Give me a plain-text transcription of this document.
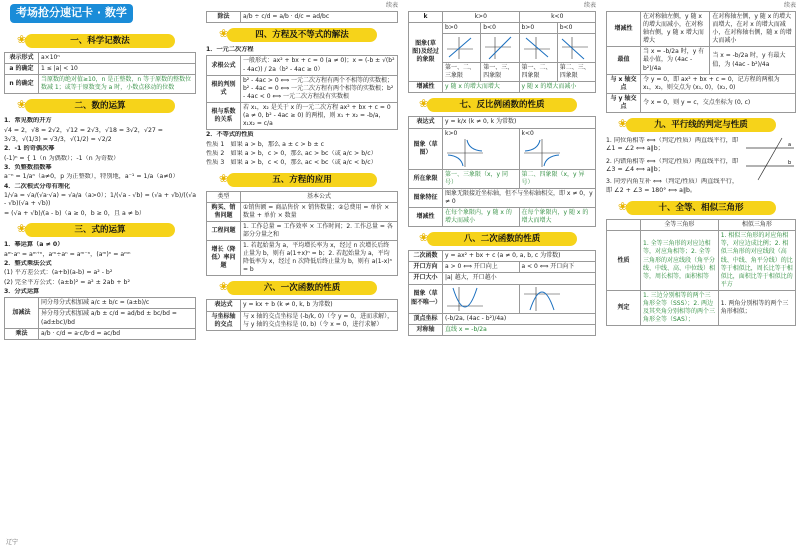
考场抢分速记卡 · 数学
❀ 一、科学记数法
表示形式	a×10ⁿ
a 的确定	1 ≤ |a| < 10
n 的确定	当原数的绝对值≥10，n 是正整数，n 等于原数的整数位数减 1；或等于原数变为 a 时，小数点移动的位数
❀ 二、数的运算
1．常见数的开方
√4 = 2，√8 = 2√2，√12 = 2√3，√18 = 3√2，√27 =
3√3，√(1/3) = √3/3，√(1/2) = √2/2
2．-1 的奇偶次幂
(-1)ⁿ = { 1（n 为偶数）；-1（n 为奇数）
3．负整数指数幂
a⁻ⁿ = 1/aⁿ（a≠0，p 为正整数），特别地，a⁻¹ = 1/a（a≠0）
4．二次根式分母有理化
1/√a = √a/(√a·√a) = √a/a（a>0）；1/(√a - √b) = (√a + √b)/((√a - √b)(√a + √b))
= (√a + √b)/(a - b)（a ≥ 0，b ≥ 0，且 a ≠ b）
❀ 三、式的运算
1．幂运算（a ≠ 0）
aᵐ·aⁿ = aᵐ⁺ⁿ，aᵐ÷aⁿ = aᵐ⁻ⁿ，(aᵐ)ⁿ = aᵐⁿ
2．整式乘法公式
(1) 平方差公式：(a+b)(a-b) = a² - b²
(2) 完全平方公式：(a±b)² = a² ± 2ab + b²
3．分式运算
加减法	同分母分式相加减 a/c ± b/c = (a±b)/c
	异分母分式相加减 a/b ± c/d = ad/bd ± bc/bd = (ad±bc)/bd
乘法	a/b · c/d = a·c/b·d = ac/bd
辽宁
续表
除法	a/b ÷ c/d = a/b · d/c = ad/bc
❀ 四、方程及不等式的解法
1．一元二次方程
求根公式	一般形式：ax² + bx + c = 0 (a ≠ 0)；x = (-b ± √(b² - 4ac)) / 2a（b² - 4ac ≥ 0）
根的判别式	b² - 4ac > 0 ⟺ 一元二次方程有两个不相等的实数根；b² - 4ac = 0 ⟺ 一元二次方程有两个相等的实数根；b² - 4ac < 0 ⟺ 一元二次方程没有实数根
根与系数的关系	若 x₁，x₂ 是关于 x 的一元二次方程 ax² + bx + c = 0 (a ≠ 0, b² - 4ac ≥ 0) 的两根，则 x₁ + x₂ = -b/a，x₁x₂ = c/a
2．不等式的性质
性质 1　如果 a > b，那么 a ± c > b ± c
性质 2　如果 a > b，c > 0，那么 ac > bc（或 a/c > b/c）
性质 3　如果 a > b，c < 0，那么 ac < bc（或 a/c < b/c）
❀ 五、方程的应用
类型	基本公式
购买、销售问题	①销售额 = 商品售价 × 销售数量；②总费用 = 单价 × 数量 + 单价 × 数量
工程问题	1. 工作总量 = 工作效率 × 工作时间；2. 工作总量 = 各部分分量之和
增长（降低）率问题	1. 若起始量为 a，平均增长率为 x，经过 n 次增长后终止量为 b，则有 a(1+x)ⁿ = b；2. 若起始量为 a，平均降低率为 x，经过 n 次降低后终止量为 b，则有 a(1-x)ⁿ = b
❀ 六、一次函数的性质
表达式	y = kx + b (k ≠ 0, k, b 为常数)
与坐标轴的交点	与 x 轴的交点坐标是 (-b/k, 0)（令 y = 0，进而求解），与 y 轴的交点坐标是 (0, b)（令 x = 0，进行求解）
续表
k	k>0		k<0	
图象(草图)及经过的象限	b>0	b<0	b>0	b<0

	第一、二、三象限	第一、三、四象限	第一、二、四象限	第二、三、四象限
增减性	y 随 x 的增大而增大		y 随 x 的增大而减小	
❀ 七、反比例函数的性质
表达式	y = k/x (k ≠ 0, k 为常数)	
图象（草图）	k>0	k<0

所在象限	第一、三象限（x，y 同号）	第二、四象限（x，y 异号）
图象特征	图象无限接近坐标轴，但不与坐标轴相交，即 x ≠ 0，y ≠ 0	
增减性	在每个象限内，y 随 x 的增大而减小	在每个象限内，y 随 x 的增大而增大
❀ 八、二次函数的性质
二次函数	y = ax² + bx + c (a ≠ 0, a, b, c 为常数)	
开口方向	a > 0 ⟺ 开口向上	a < 0 ⟺ 开口向下
开口大小	|a| 越大，开口越小	
图象（草图不唯一）	

顶点坐标	(-b/2a, (4ac - b²)/4a)	
对称轴	直线 x = -b/2a	
续表
增减性	在对称轴左侧，y 随 x 的增大而减小，在对称轴右侧，y 随 x 增大而增大	在对称轴左侧，y 随 x 的增大而增大，在对 x 的增大而减小，在对称轴右侧，随 x 的增大而减小
最值	当 x = -b/2a 时，y 有最小值，为 (4ac - b²)/4a	当 x = -b/2a 时，y 有最大值，为 (4ac - b²)/4a
与 x 轴交点	令 y = 0，即 ax² + bx + c = 0，记方程的两根为 x₁，x₂，则交点为 (x₁, 0)，(x₂, 0)	
与 y 轴交点	令 x = 0，则 y = c，交点坐标为 (0, c)	
❀ 九、平行线的判定与性质
1. 同位角相等 ⟺（判定/性质）两直线平行，即 ∠1 = ∠2 ⟺ a∥b；
2. 内错角相等 ⟺（判定/性质）两直线平行，即 ∠3 = ∠4 ⟺ a∥b；
3. 同旁内角互补 ⟺（判定/性质）两直线平行，即 ∠2 + ∠3 = 180° ⟺ a∥b。
a
b
❀ 十、全等、相似三角形
	全等三角形	相似三角形
性质	1. 全等三角形的对应边相等，对应角相等；2. 全等三角形的对应线段（角平分线、中线、高、中位线）相等，周长相等，面积相等	1. 相似三角形的对应角相等，对应边成比例；2. 相似三角形的对应线段（高线、中线、角平分线）的比等于相似比，周长比等于相似比，面积比等于相似比的平方
判定	1. 三边分别相等的两个三角形全等（SSS）；2. 两边及其夹角分别相等的两个三角形全等（SAS）；	1. 两角分别相等的两个三角形相似；
